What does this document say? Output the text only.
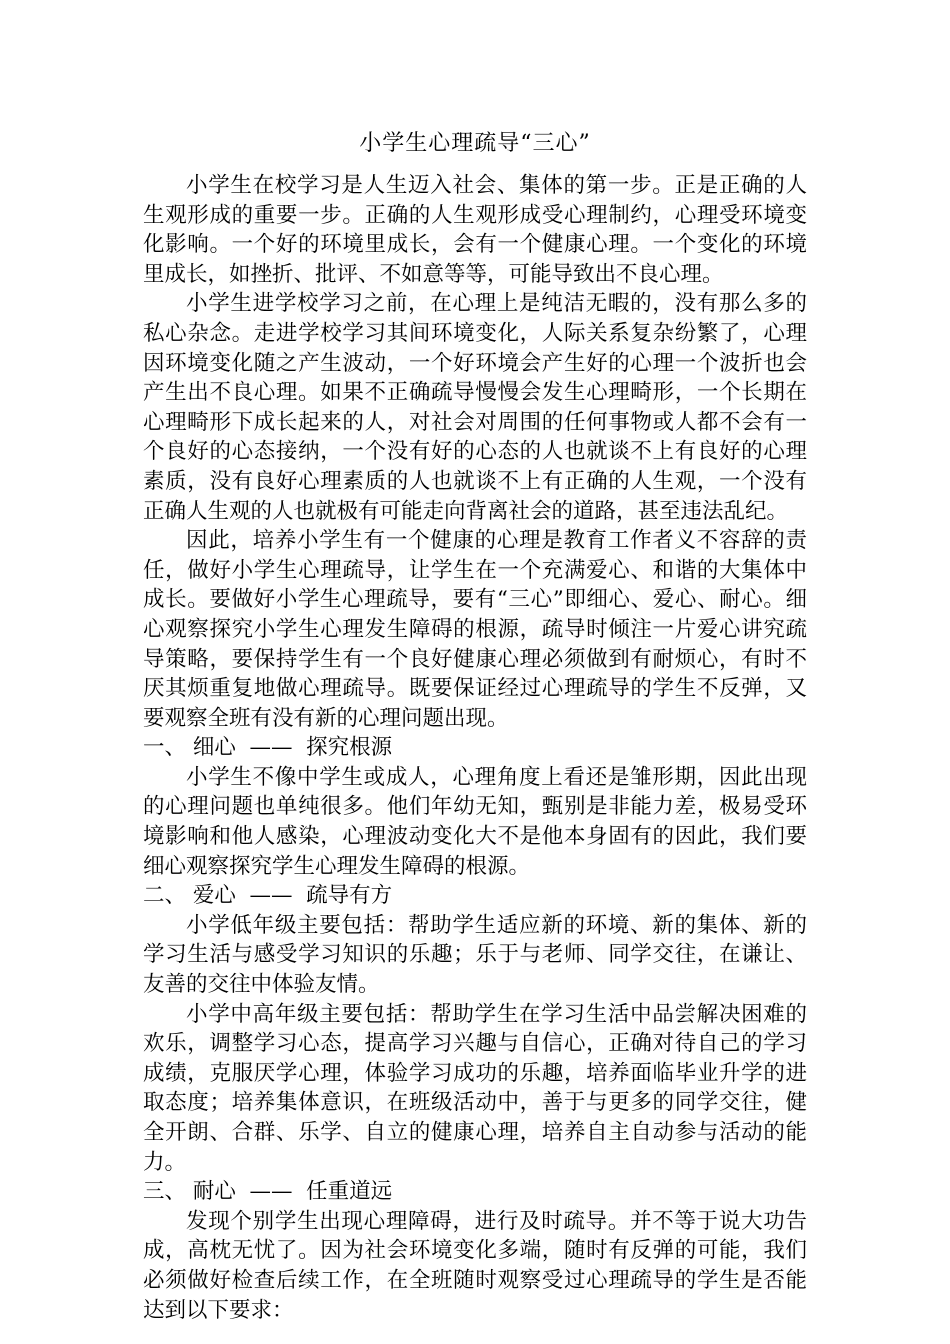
小学生心理疏导“三心”

小学生在校学习是人生迈入社会、集体的第一步。正是正确的人生观形成的重要一步。正确的人生观形成受心理制约，心理受环境变化影响。一个好的环境里成长，会有一个健康心理。一个变化的环境里成长，如挫折、批评、不如意等等，可能导致出不良心理。

小学生进学校学习之前，在心理上是纯洁无暇的，没有那么多的私心杂念。走进学校学习其间环境变化，人际关系复杂纷繁了，心理因环境变化随之产生波动，一个好环境会产生好的心理一个波折也会产生出不良心理。如果不正确疏导慢慢会发生心理畸形，一个长期在心理畸形下成长起来的人，对社会对周围的任何事物或人都不会有一个良好的心态接纳，一个没有好的心态的人也就谈不上有良好的心理素质，没有良好心理素质的人也就谈不上有正确的人生观，一个没有正确人生观的人也就极有可能走向背离社会的道路，甚至违法乱纪。

因此，培养小学生有一个健康的心理是教育工作者义不容辞的责任，做好小学生心理疏导，让学生在一个充满爱心、和谐的大集体中成长。要做好小学生心理疏导，要有“三心”即细心、爱心、耐心。细心观察探究小学生心理发生障碍的根源，疏导时倾注一片爱心讲究疏导策略，要保持学生有一个良好健康心理必须做到有耐烦心，有时不厌其烦重复地做心理疏导。既要保证经过心理疏导的学生不反弹，又要观察全班有没有新的心理问题出现。

一、 细心  ——  探究根源

小学生不像中学生或成人，心理角度上看还是雏形期，因此出现的心理问题也单纯很多。他们年幼无知，甄别是非能力差，极易受环境影响和他人感染，心理波动变化大不是他本身固有的因此，我们要细心观察探究学生心理发生障碍的根源。

二、 爱心  ——  疏导有方

小学低年级主要包括：帮助学生适应新的环境、新的集体、新的学习生活与感受学习知识的乐趣；乐于与老师、同学交往，在谦让、友善的交往中体验友情。

小学中高年级主要包括：帮助学生在学习生活中品尝解决困难的欢乐，调整学习心态，提高学习兴趣与自信心，正确对待自己的学习成绩，克服厌学心理，体验学习成功的乐趣，培养面临毕业升学的进取态度；培养集体意识，在班级活动中，善于与更多的同学交往，健全开朗、合群、乐学、自立的健康心理，培养自主自动参与活动的能力。

三、 耐心  ——  任重道远

发现个别学生出现心理障碍，进行及时疏导。并不等于说大功告成，高枕无忧了。因为社会环境变化多端，随时有反弹的可能，我们必须做好检查后续工作，在全班随时观察受过心理疏导的学生是否能达到以下要求：
